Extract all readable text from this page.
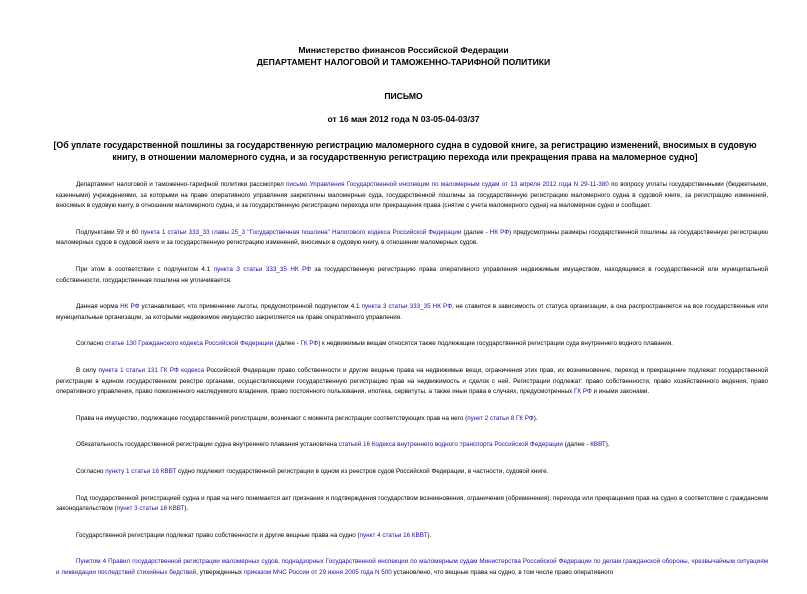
Министерство финансов Российской Федерации
ДЕПАРТАМЕНТ НАЛОГОВОЙ И ТАМОЖЕННО-ТАРИФНОЙ ПОЛИТИКИ
ПИСЬМО
от 16 мая 2012 года N 03-05-04-03/37
[Об уплате государственной пошлины за государственную регистрацию маломерного судна в судовой книге, за регистрацию изменений, вносимых в судовую книгу, в отношении маломерного судна, и за государственную регистрацию перехода или прекращения права на маломерное судно]

Департамент налоговой и таможенно-тарифной политики рассмотрел письмо Управления Государственной инспекции по маломерным судам от 13 апреля 2012 года N 29-11-380 по вопросу уплаты государственными (бюджетными, казенными) учреждениями, за которыми на праве оперативного управления закреплены маломерные суда, государственной пошлины за государственную регистрацию маломерного судна в судовой книге, за регистрацию изменений, вносимых в судовую книгу, в отношении маломерного судна, и за государственную регистрацию перехода или прекращения права (снятие с учета маломерного судна) на маломерное судно и сообщает.

Подпунктами 59 и 60 пункта 1 статьи 333_33 главы 25_3 "Государственная пошлина" Налогового кодекса Российской Федерации (далее - НК РФ) предусмотрены размеры государственной пошлины за государственную регистрацию маломерных судов в судовой книге и за государственную регистрацию изменений, вносимых в судовую книгу, в отношении маломерных судов.

При этом в соответствии с подпунктом 4.1 пункта 3 статьи 333_35 НК РФ за государственную регистрацию права оперативного управления недвижимым имуществом, находящимся в государственной или муниципальной собственности, государственная пошлина не уплачивается.

Данная норма НК РФ устанавливает, что применение льготы, предусмотренной подпунктом 4.1 пункта 3 статьи 333_35 НК РФ, не ставится в зависимость от статуса организации, а она распространяется на все государственные или муниципальные организации, за которыми недвижимое имущество закрепляется на праве оперативного управления.

Согласно статье 130 Гражданского кодекса Российской Федерации (далее - ГК РФ) к недвижимым вещам относятся также подлежащие государственной регистрации суда внутреннего водного плавания.

В силу пункта 1 статьи 131 ГК РФ кодекса Российской Федерации право собственности и другие вещные права на недвижимые вещи, ограничения этих прав, их возникновение, переход и прекращение подлежат государственной регистрации в едином государственном реестре органами, осуществляющими государственную регистрацию прав на недвижимость и сделок с ней. Регистрации подлежат: право собственности, право хозяйственного ведения, право оперативного управления, право пожизненного наследуемого владения, право постоянного пользования, ипотека, сервитуты, а также иные права в случаях, предусмотренных ГК РФ и иными законами.

Права на имущество, подлежащее государственной регистрации, возникают с момента регистрации соответствующих прав на него (пункт 2 статьи 8 ГК РФ).

Обязательность государственной регистрации судна внутреннего плавания установлена статьей 16 Кодекса внутреннего водного транспорта Российской Федерации (далее - КВВТ).

Согласно пункту 1 статьи 16 КВВТ судно подлежит государственной регистрации в одном из реестров судов Российской Федерации, в частности, судовой книге.

Под государственной регистрацией судна и прав на него понимается акт признания и подтверждения государством возникновения, ограничения (обременения), перехода или прекращения прав на судно в соответствии с гражданским законодательством (пункт 3 статьи 16 КВВТ).

Государственной регистрации подлежат право собственности и другие вещные права на судно (пункт 4 статьи 16 КВВТ).

Пунктом 4 Правил государственной регистрации маломерных судов, поднадзорных Государственной инспекции по маломерным судам Министерства Российской Федерации по делам гражданской обороны, чрезвычайным ситуациям и ликвидации последствий стихийных бедствий, утвержденных приказом МЧС России от 29 июня 2005 года N 500 установлено, что вещные права на судно, в том числе право оперативного
